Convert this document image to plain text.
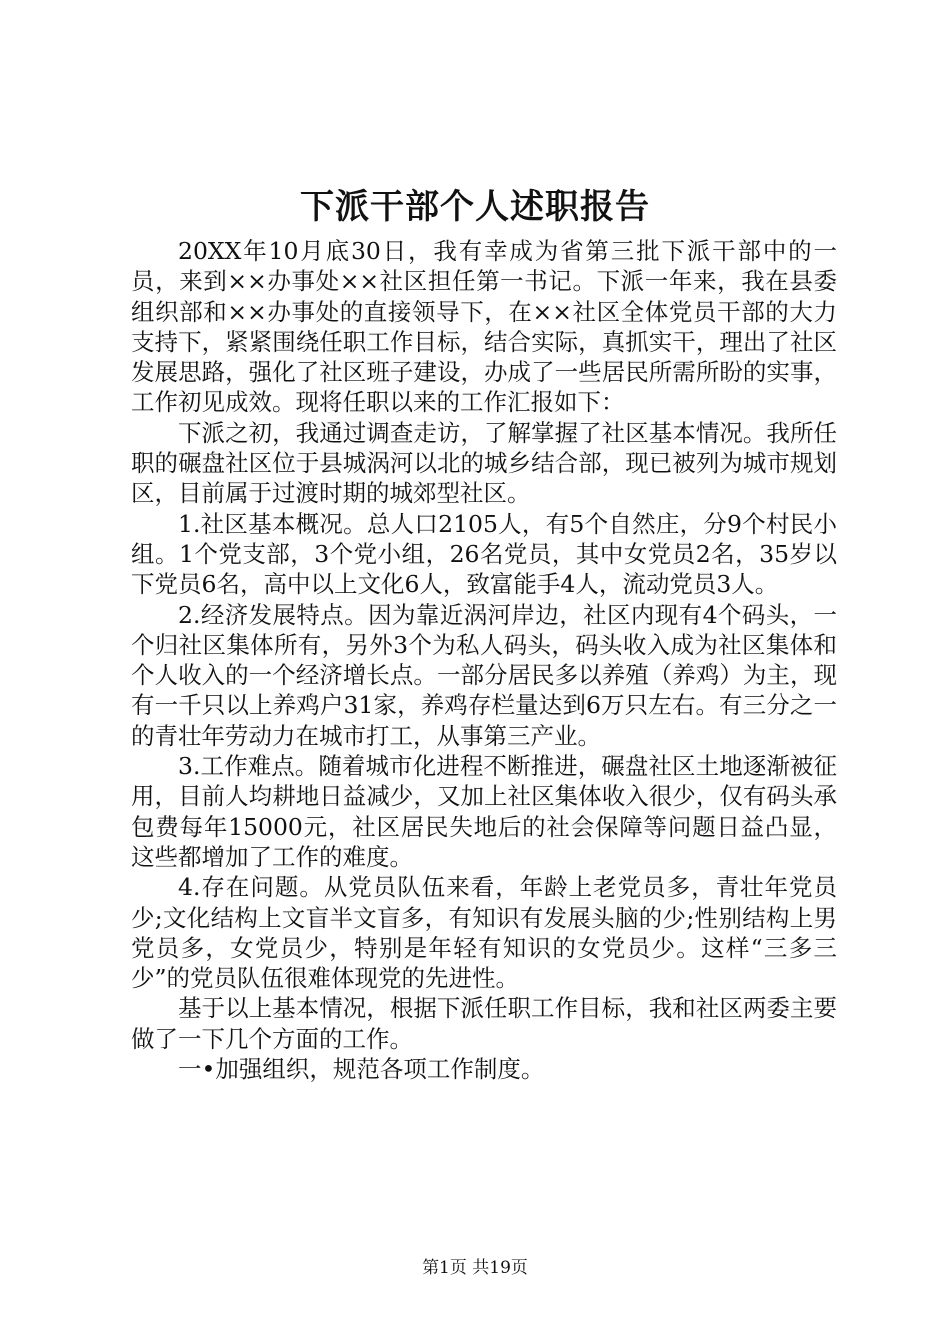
下派干部个人述职报告

20XX年10月底30日，我有幸成为省第三批下派干部中的一员，来到××办事处××社区担任第一书记。下派一年来，我在县委组织部和××办事处的直接领导下，在××社区全体党员干部的大力支持下，紧紧围绕任职工作目标，结合实际，真抓实干，理出了社区发展思路，强化了社区班子建设，办成了一些居民所需所盼的实事，工作初见成效。现将任职以来的工作汇报如下：

下派之初，我通过调查走访，了解掌握了社区基本情况。我所任职的碾盘社区位于县城涡河以北的城乡结合部，现已被列为城市规划区，目前属于过渡时期的城郊型社区。

1.社区基本概况。总人口2105人，有5个自然庄，分9个村民小组。1个党支部，3个党小组，26名党员，其中女党员2名，35岁以下党员6名，高中以上文化6人，致富能手4人，流动党员3人。

2.经济发展特点。因为靠近涡河岸边，社区内现有4个码头，一个归社区集体所有，另外3个为私人码头，码头收入成为社区集体和个人收入的一个经济增长点。一部分居民多以养殖（养鸡）为主，现有一千只以上养鸡户31家，养鸡存栏量达到6万只左右。有三分之一的青壮年劳动力在城市打工，从事第三产业。

3.工作难点。随着城市化进程不断推进，碾盘社区土地逐渐被征用，目前人均耕地日益减少，又加上社区集体收入很少，仅有码头承包费每年15000元，社区居民失地后的社会保障等问题日益凸显，这些都增加了工作的难度。

4.存在问题。从党员队伍来看，年龄上老党员多，青壮年党员少;文化结构上文盲半文盲多，有知识有发展头脑的少;性别结构上男党员多，女党员少，特别是年轻有知识的女党员少。这样“三多三少”的党员队伍很难体现党的先进性。

基于以上基本情况，根据下派任职工作目标，我和社区两委主要做了一下几个方面的工作。

一•加强组织，规范各项工作制度。

第1页 共19页
